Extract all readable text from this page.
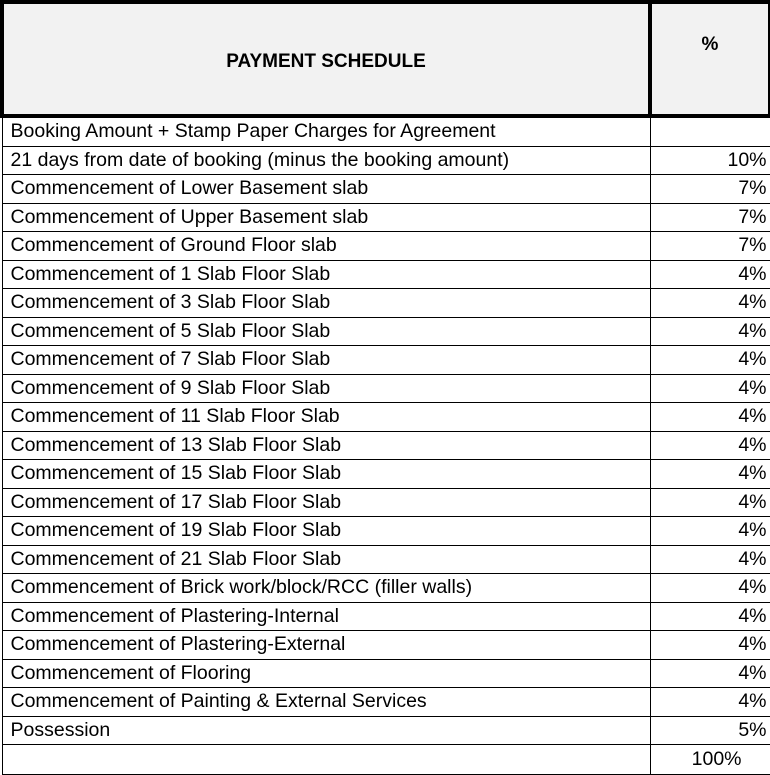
PAYMENT SCHEDULE	%
Booking Amount + Stamp Paper Charges for Agreement	
21 days from date of booking (minus the booking amount)	10%
Commencement of Lower Basement slab	7%
Commencement of Upper Basement slab	7%
Commencement of Ground Floor slab	7%
Commencement of 1 Slab Floor Slab	4%
Commencement of 3 Slab Floor Slab	4%
Commencement of 5 Slab Floor Slab	4%
Commencement of 7 Slab Floor Slab	4%
Commencement of 9 Slab Floor Slab	4%
Commencement of 11 Slab Floor Slab	4%
Commencement of 13 Slab Floor Slab	4%
Commencement of 15 Slab Floor Slab	4%
Commencement of 17 Slab Floor Slab	4%
Commencement of 19 Slab Floor Slab	4%
Commencement of 21 Slab Floor Slab	4%
Commencement of Brick work/block/RCC (filler walls)	4%
Commencement of Plastering-Internal	4%
Commencement of Plastering-External	4%
Commencement of Flooring	4%
Commencement of Painting & External Services	4%
Possession	5%
	100%
